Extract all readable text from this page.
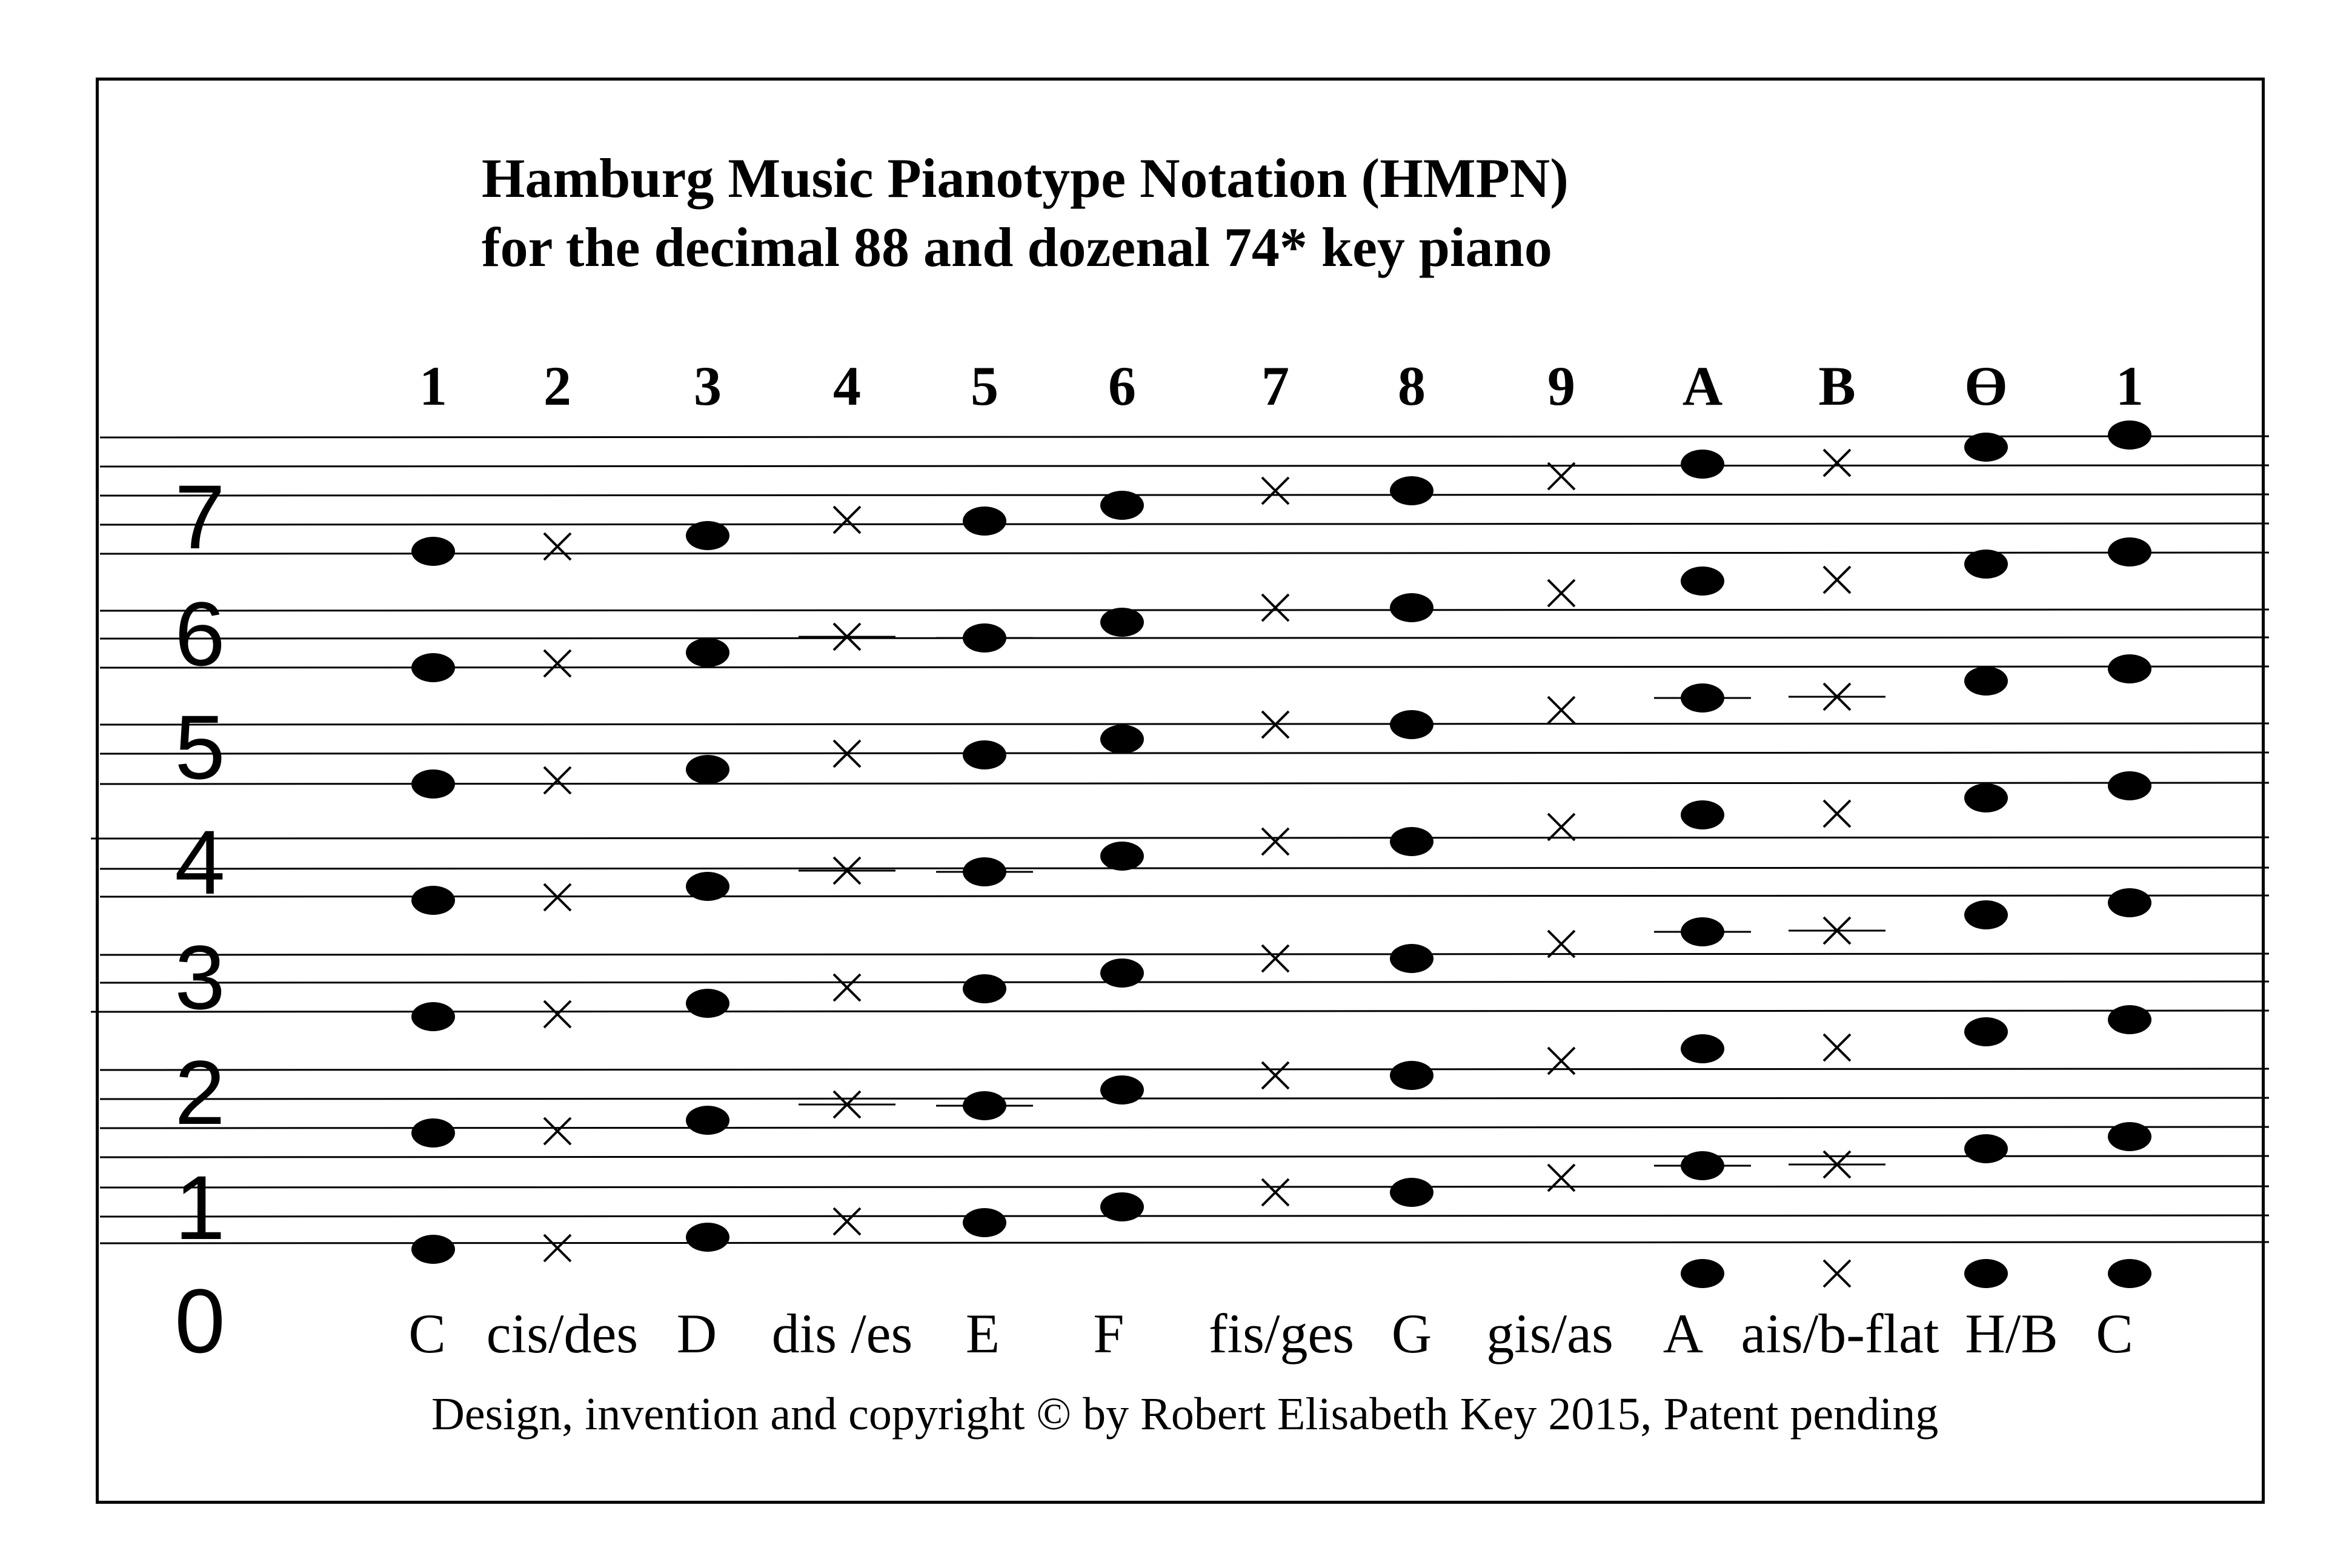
Hamburg Music Pianotype Notation (HMPN)
for the decimal 88 and dozenal 74* key piano
7
6
5
4
3
2
1
0
1 2 3 4 5 6 7 8 9 A B Ɵ 1
C cis/des D dis /es E F fis/ges G gis/as A ais/b-flat H/B C
Design, invention and copyright © by Robert Elisabeth Key 2015, Patent pending
